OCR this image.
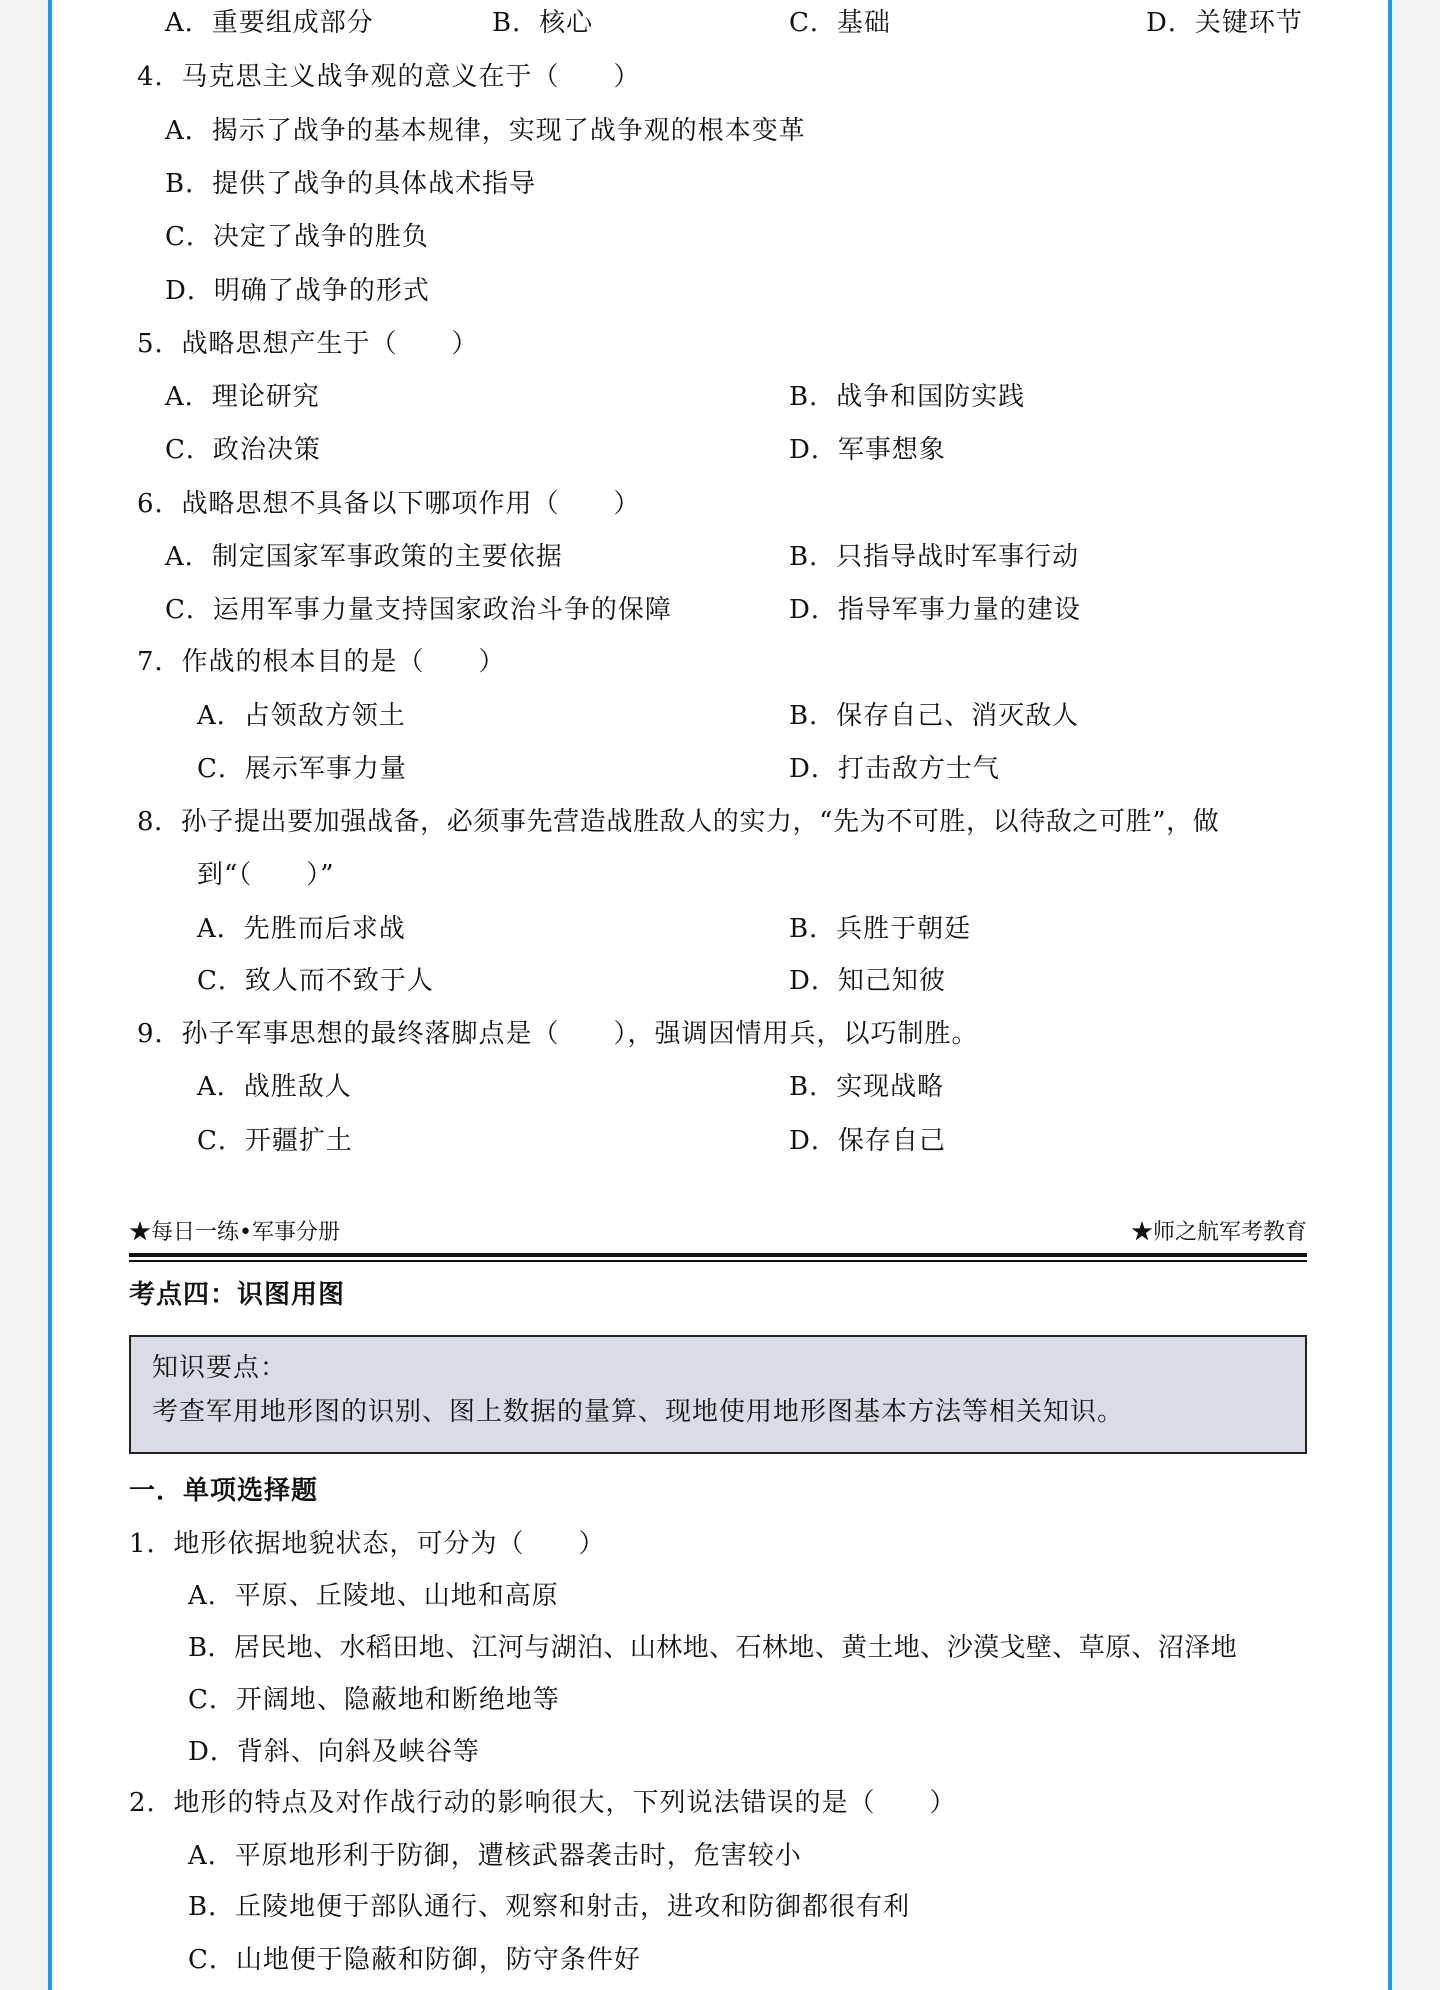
A．重要组成部分	B．核心	C．基础	D．关键环节
4．马克思主义战争观的意义在于（　　）
A．揭示了战争的基本规律，实现了战争观的根本变革
B．提供了战争的具体战术指导
C．决定了战争的胜负
D．明确了战争的形式
5．战略思想产生于（　　）
A．理论研究	B．战争和国防实践
C．政治决策	D．军事想象
6．战略思想不具备以下哪项作用（　　）
A．制定国家军事政策的主要依据	B．只指导战时军事行动
C．运用军事力量支持国家政治斗争的保障	D．指导军事力量的建设
7．作战的根本目的是（　　）
A．占领敌方领土	B．保存自己、消灭敌人
C．展示军事力量	D．打击敌方士气
8．孙子提出要加强战备，必须事先营造战胜敌人的实力，“先为不可胜，以待敌之可胜”，做
到“（　　）”
A．先胜而后求战	B．兵胜于朝廷
C．致人而不致于人	D．知己知彼
9．孙子军事思想的最终落脚点是（　　），强调因情用兵，以巧制胜。
A．战胜敌人	B．实现战略
C．开疆扩土	D．保存自己
★每日一练•军事分册	★师之航军考教育
考点四：识图用图
知识要点：
考查军用地形图的识别、图上数据的量算、现地使用地形图基本方法等相关知识。
一．单项选择题
1．地形依据地貌状态，可分为（　　）
A．平原、丘陵地、山地和高原
B．居民地、水稻田地、江河与湖泊、山林地、石林地、黄土地、沙漠戈壁、草原、沼泽地
C．开阔地、隐蔽地和断绝地等
D．背斜、向斜及峡谷等
2．地形的特点及对作战行动的影响很大，下列说法错误的是（　　）
A．平原地形利于防御，遭核武器袭击时，危害较小
B．丘陵地便于部队通行、观察和射击，进攻和防御都很有利
C．山地便于隐蔽和防御，防守条件好
